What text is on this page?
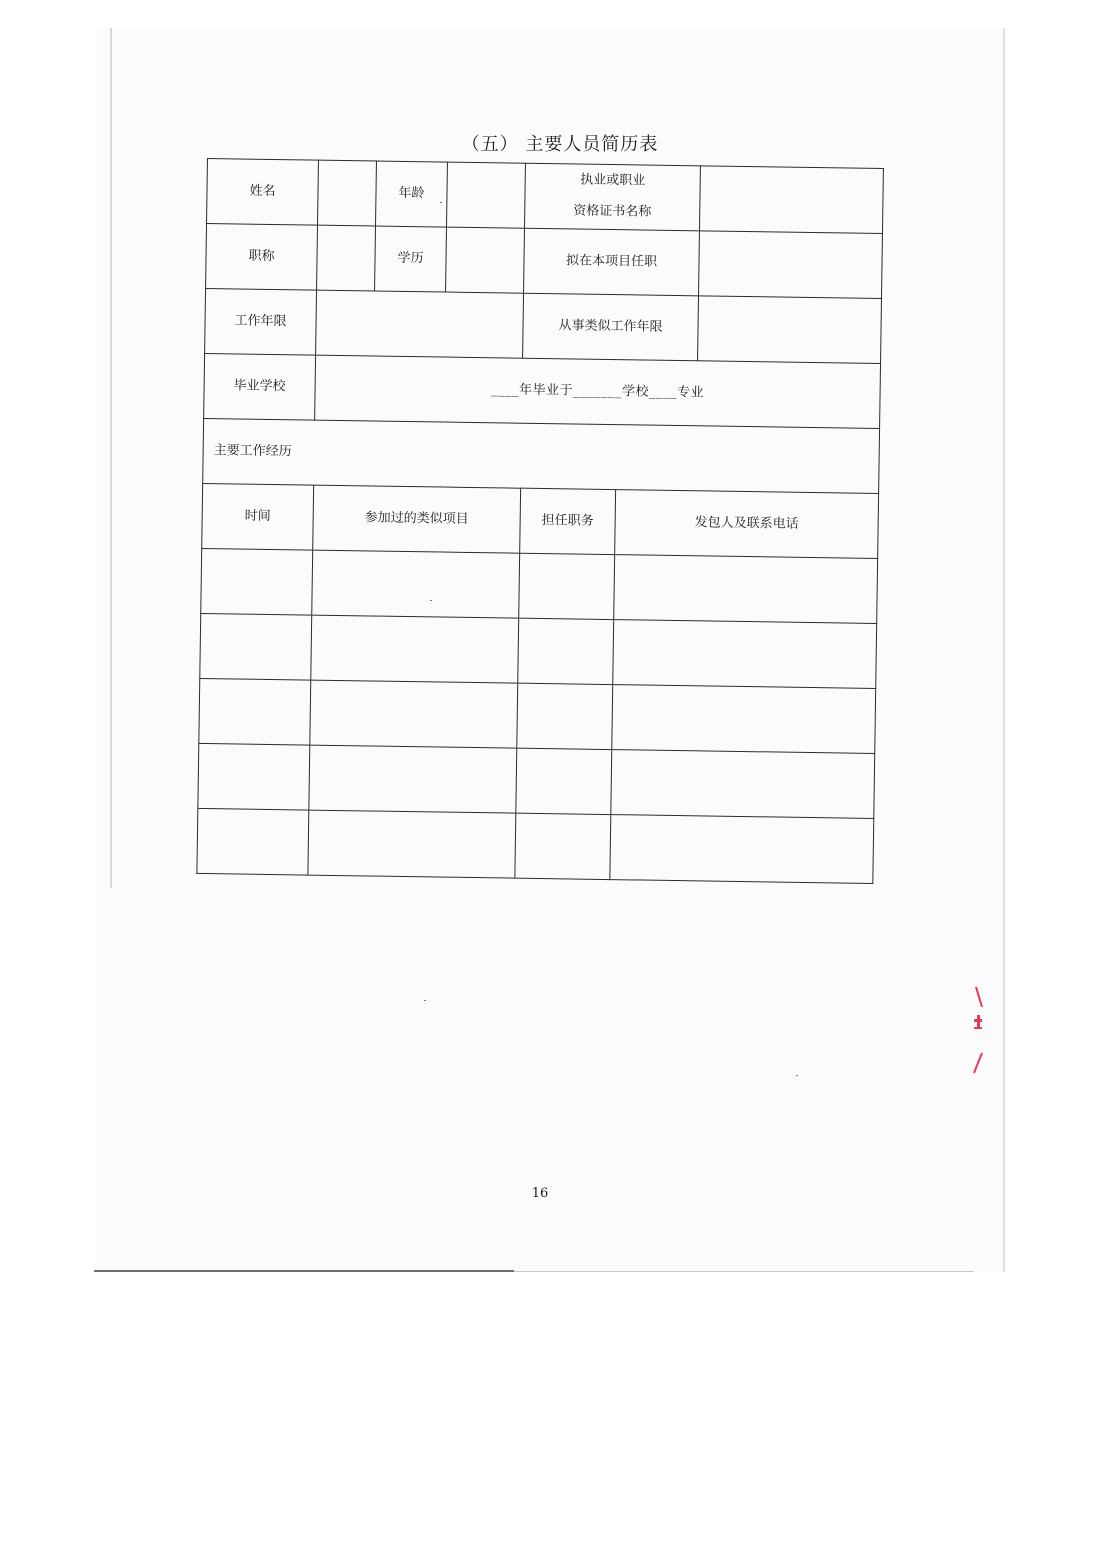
（五） 主要人员简历表
姓名		年龄		执业或职业
资格证书名称		

职称		学历		拟在本项目任职		
工作年限				从事类似工作年限		
毕业学校	____年毕业于_______学校____专业					
主要工作经历						
时间	参加过的类似项目			担任职务	发包人及联系电话	

16
